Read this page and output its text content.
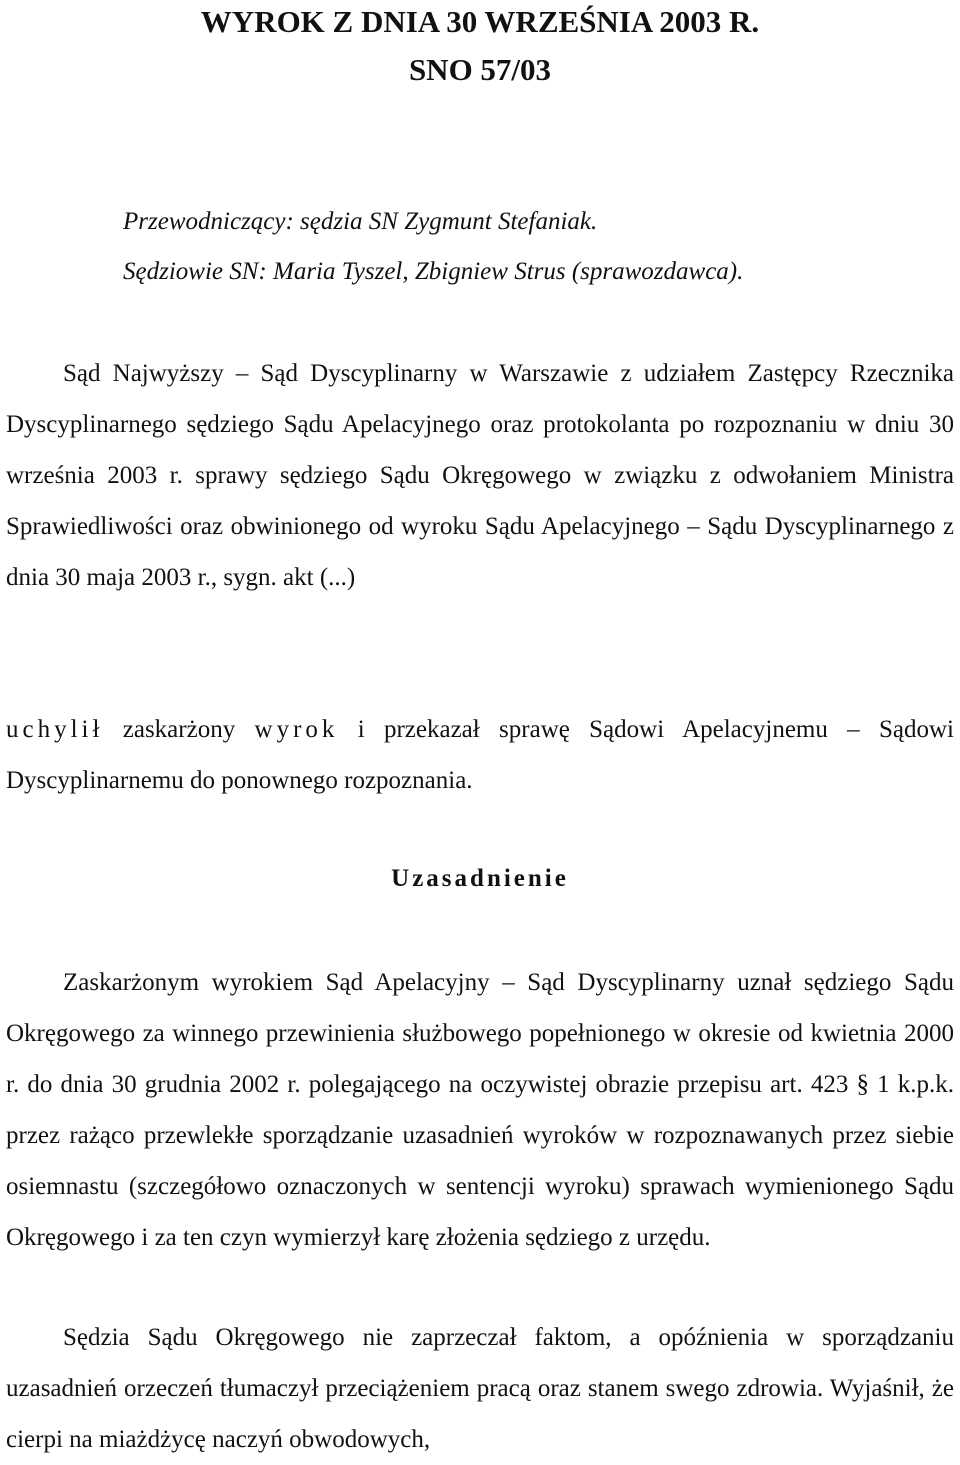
WYROK Z DNIA 30 WRZEŚNIA 2003 R.
SNO 57/03
Przewodniczący: sędzia SN Zygmunt Stefaniak.
Sędziowie SN: Maria Tyszel, Zbigniew Strus (sprawozdawca).
Sąd Najwyższy – Sąd Dyscyplinarny w Warszawie z udziałem Zastępcy Rzecznika Dyscyplinarnego sędziego Sądu Apelacyjnego oraz protokolanta po rozpoznaniu w dniu 30 września 2003 r. sprawy sędziego Sądu Okręgowego w związku z odwołaniem Ministra Sprawiedliwości oraz obwinionego od wyroku Sądu Apelacyjnego – Sądu Dyscyplinarnego z dnia 30 maja 2003 r., sygn. akt (...)
uchylił zaskarżony wyrok i przekazał sprawę Sądowi Apelacyjnemu – Sądowi Dyscyplinarnemu do ponownego rozpoznania.
Uzasadnienie
Zaskarżonym wyrokiem Sąd Apelacyjny – Sąd Dyscyplinarny uznał sędziego Sądu Okręgowego za winnego przewinienia służbowego popełnionego w okresie od kwietnia 2000 r. do dnia 30 grudnia 2002 r. polegającego na oczywistej obrazie przepisu art. 423 § 1 k.p.k. przez rażąco przewlekłe sporządzanie uzasadnień wyroków w rozpoznawanych przez siebie osiemnastu (szczegółowo oznaczonych w sentencji wyroku) sprawach wymienionego Sądu Okręgowego i za ten czyn wymierzył karę złożenia sędziego z urzędu.
Sędzia Sądu Okręgowego nie zaprzeczał faktom, a opóźnienia w sporządzaniu uzasadnień orzeczeń tłumaczył przeciążeniem pracą oraz stanem swego zdrowia. Wyjaśnił, że cierpi na miażdżycę naczyń obwodowych,
